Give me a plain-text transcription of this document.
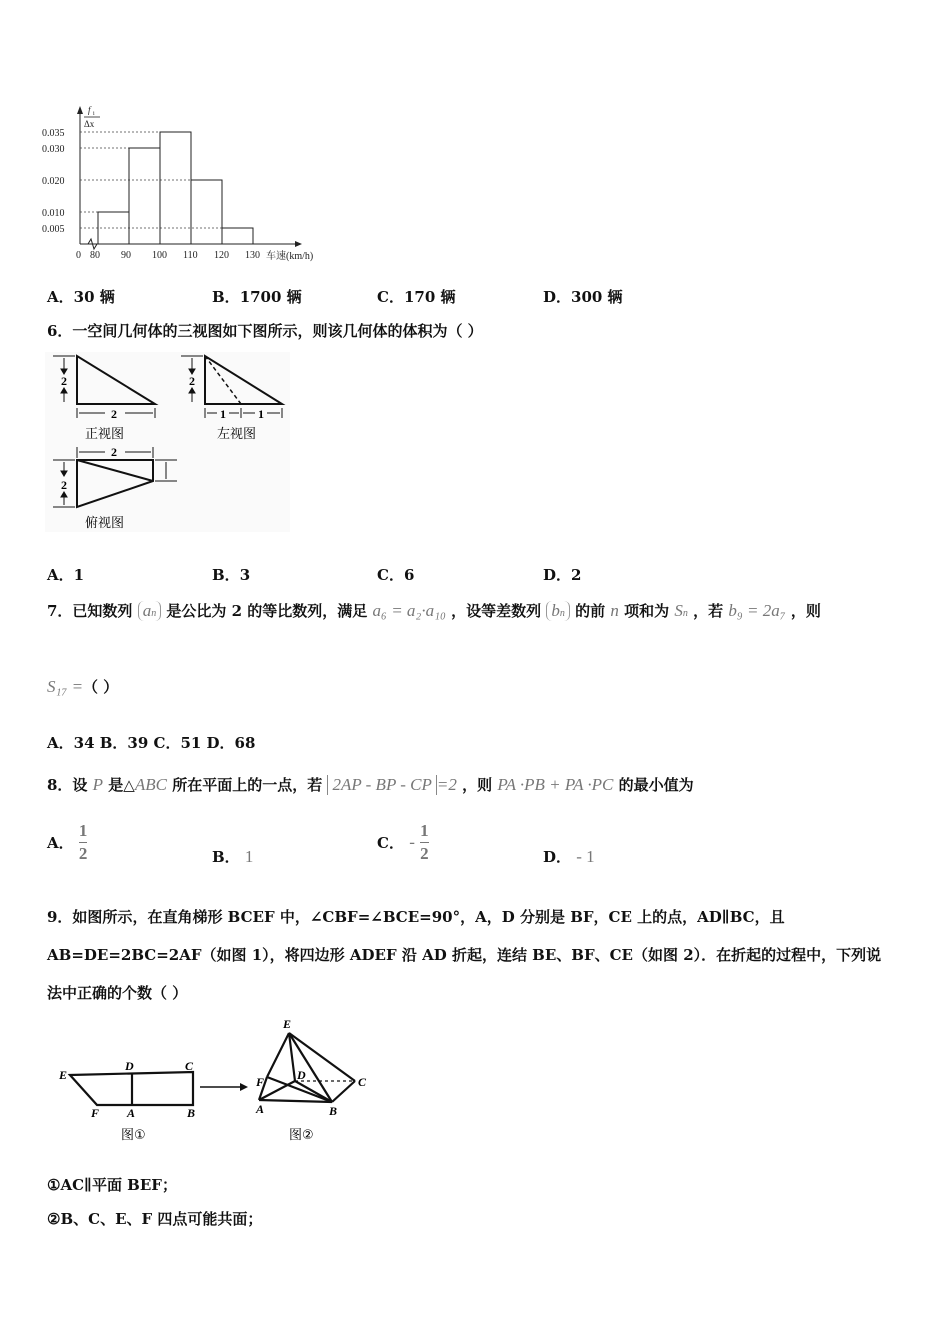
0.005
0.010
0.020
0.030
0.035
0 80 90 100 110 120 130 车速(km/h)
f i
Δx
A．30 辆	B．1700 辆	C．170 辆	D．300 辆
6．一空间几何体的三视图如下图所示，则该几何体的体积为（ ）
2
2
正视图
2
1	1
左视图
2
2
俯视图
A．1	B．3	C．6	D．2
7．已知数列 an 是公比为 2 的等比数列，满足 a₆ = a₂·a₁₀ ，设等差数列 bn 的前 n 项和为 Sn ，若 b₉ = 2a₇ ，则
S₁₇ =（ ）
A．34 B．39 C．51 D．68
8．设 P 是△ABC 所在平面上的一点，若 2AP - BP - CP =2 ，则 PA ·PB + PA ·PC 的最小值为
A． $\frac{1}{2}$	B． 1
C． - $\frac{1}{2}$	D． - 1
9．如图所示，在直角梯形 BCEF 中，∠CBF=∠BCE=90°，A，D 分别是 BF，CE 上的点，AD∥BC，且
AB=DE=2BC=2AF（如图 1），将四边形 ADEF 沿 AD 折起，连结 BE、BF、CE（如图 2）．在折起的过程中，下列说
法中正确的个数（ ）
E
D	C
F A	B
图①
E
D	C
F
A	B
图②
①AC∥平面 BEF；
②B、C、E、F 四点可能共面；
